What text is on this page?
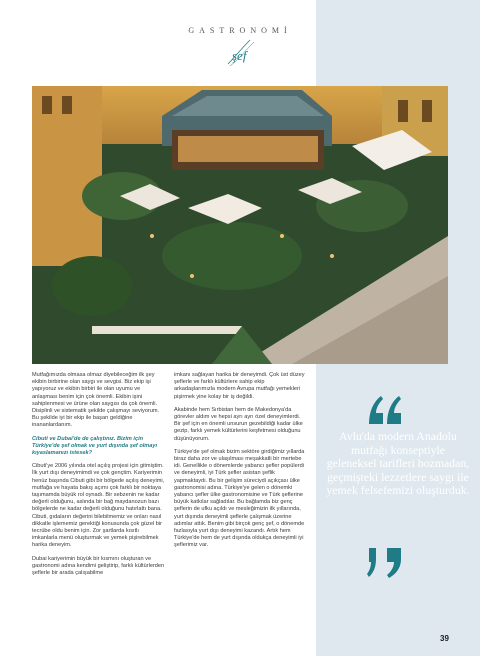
GASTRONOMİ
şef

Mutfağımızda olmasa olmaz diyebileceğim ilk şey ekibin birbirine olan saygı ve sevgisi. Biz ekip işi yapıyoruz ve ekibin birbiri ile olan uyumu ve anlaşması benim için çok önemli. Ekibin işini sahiplenmesi ve ürüne olan saygısı da çok önemli. Disiplinli ve sistematik şekilde çalışmayı seviyorum. Bu şekilde iyi bir ekip ile başarı geldiğine inananlardanım.

Cibuti ve Dubai'de de çalıştınız. Bizim için Türkiye'de şef olmak ve yurt dışında şef olmayı kıyaslamanızı istesek?

Cibuti'ye 2006 yılında otel açılış projesi için gitmiştim. İlk yurt dışı deneyimimdi ve çok gençtim. Kariyerimin henüz başında Cibuti gibi bir bölgede açılış deneyimi, mutfağa ve hayata bakış açımı çok farklı bir noktaya taşımamda büyük rol oynadı. Bir sebzenin ne kadar değerli olduğunu, aslında bir bağ maydanozun bazı bölgelerde ne kadar değerli olduğunu hatırlattı bana. Cibuti, gıdaların değerini bilebilmemiz ve onları nasıl dikkatle işlememiz gerektiği konusunda çok güzel bir tecrübe oldu benim için. Zor şartlarda kısıtlı imkanlarla menü oluşturmak ve yemek pişirebilmek harika deneyim.

Dubai kariyerimin büyük bir kısmını oluşturan ve gastronomi adına kendimi geliştirip, farklı kültürlerden şeflerle bir arada çalışabilme

imkanı sağlayan harika bir deneyimdi. Çok üst düzey şeflerle ve farklı kültürlere sahip ekip arkadaşlarımızla modern Avrupa mutfağı yemekleri pişirmek yine kolay bir iş değildi.

Akabinde hem Sırbistan hem de Makedonya'da görevler aldım ve hepsi ayrı ayrı özel deneyimlerdi. Bir şef için en önemli unsurun gezebildiği kadar ülke gezip, farklı yemek kültürlerini keşfetmesi olduğunu düşünüyorum.

Türkiye'de şef olmak bizim sektöre girdiğimiz yıllarda biraz daha zor ve ulaşılması meşakkatli bir mertebe idi. Genellikle o dönemlerde yabancı şefler popülerdi ve deneyimli, iyi Türk şefler asistan şeflik yapmaktaydı. Bu bir gelişim süreciydi açıkçası ülke gastronomisi adına. Türkiye'ye gelen o dönemki yabancı şefler ülke gastronomisine ve Türk şeflerine büyük katkılar sağladılar. Bu bağlamda biz genç şeflerin de ufku açıldı ve mesleğimizin ilk yıllarında, yurt dışında deneyimli şeflerle çalışmak üzerine adımlar attık. Benim gibi birçok genç şef, o dönemde fazlasıyla yurt dışı deneyimi kazandı. Artık hem Türkiye'de hem de yurt dışında oldukça deneyimli iyi şeflerimiz var.

Avlu'da modern Anadolu mutfağı konseptiyle geleneksel tarifleri bozmadan, geçmişteki lezzetlere saygı ile yemek felsefemizi oluşturduk.
39
